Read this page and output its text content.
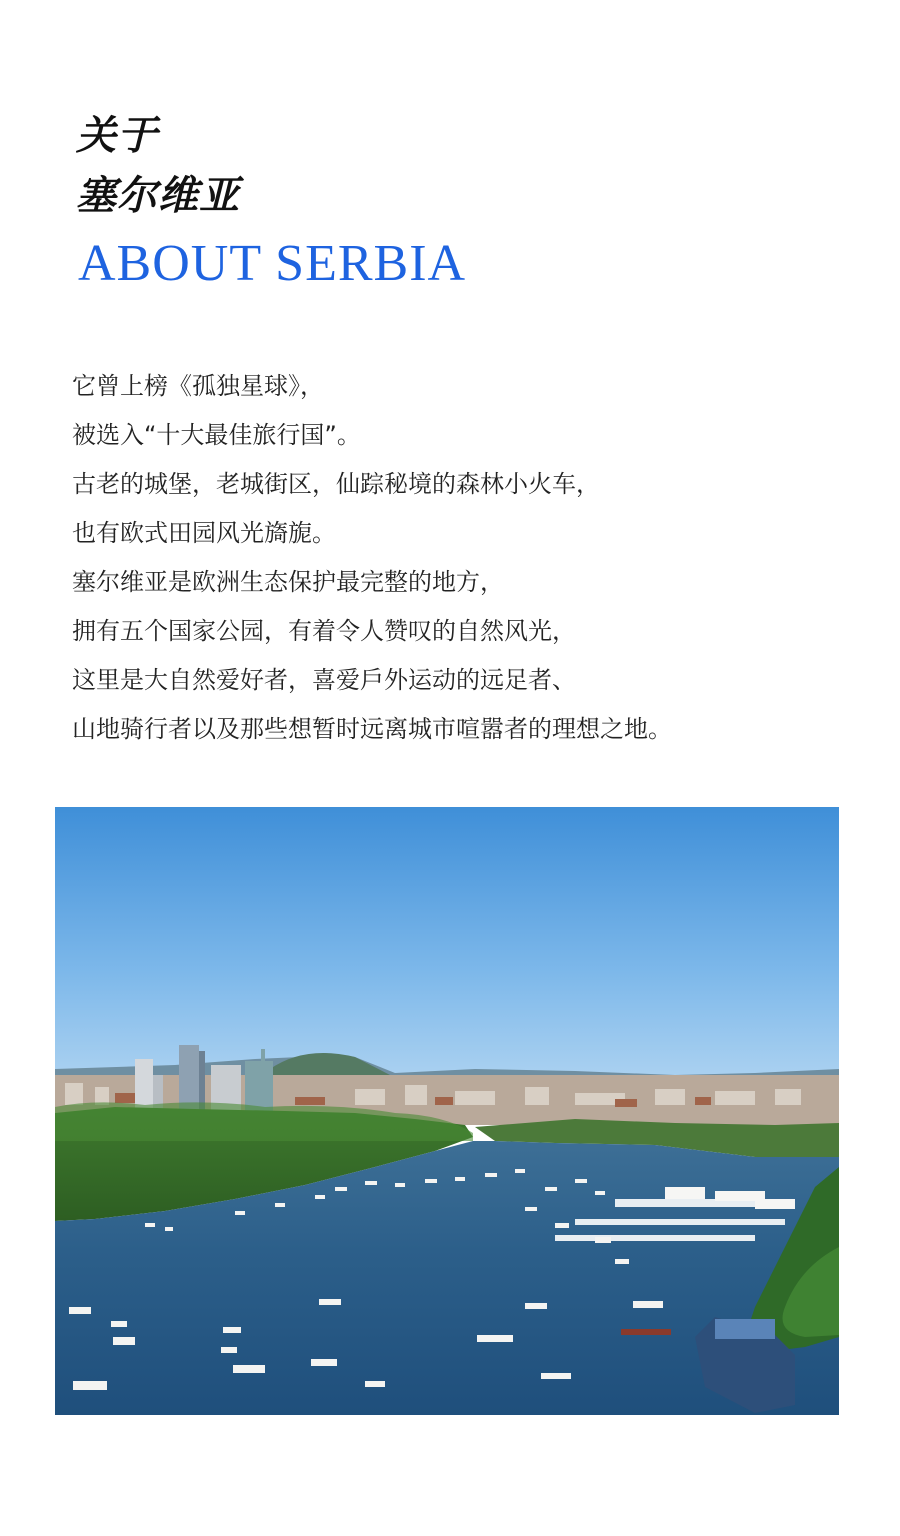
关于
塞尔维亚
ABOUT SERBIA
它曾上榜《孤独星球》，
被选入“十大最佳旅行国”。
古老的城堡，老城街区，仙踪秘境的森林小火车，
也有欧式田园风光旖旎。
塞尔维亚是欧洲生态保护最完整的地方，
拥有五个国家公园，有着令人赞叹的自然风光，
这里是大自然爱好者，喜爱戶外运动的远足者、
山地骑行者以及那些想暂时远离城市喧嚣者的理想之地。
